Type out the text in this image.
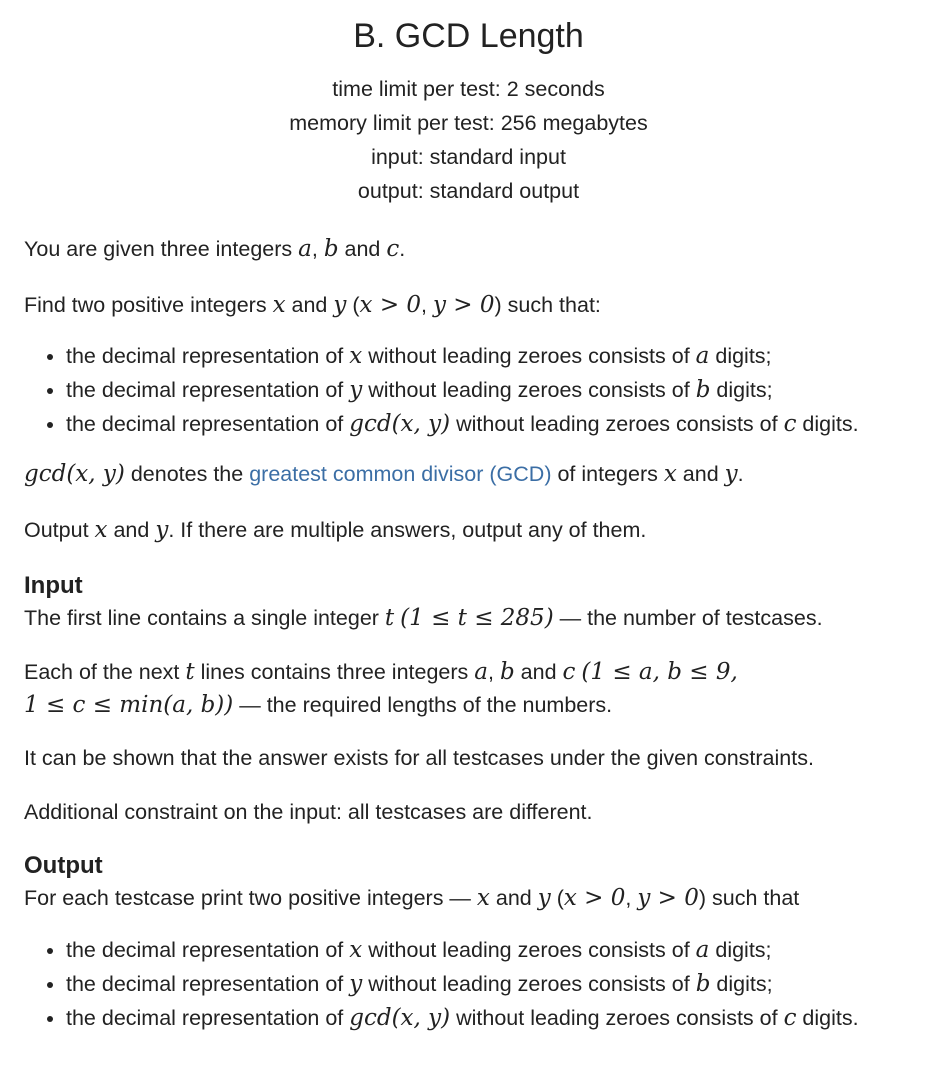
B. GCD Length
time limit per test: 2 seconds
memory limit per test: 256 megabytes
input: standard input
output: standard output

You are given three integers a, b and c.

Find two positive integers x and y (x > 0, y > 0) such that:

• the decimal representation of x without leading zeroes consists of a digits;
• the decimal representation of y without leading zeroes consists of b digits;
• the decimal representation of gcd(x, y) without leading zeroes consists of c digits.

gcd(x, y) denotes the greatest common divisor (GCD) of integers x and y.

Output x and y. If there are multiple answers, output any of them.

Input

The first line contains a single integer t (1 ≤ t ≤ 285) — the number of testcases.

Each of the next t lines contains three integers a, b and c (1 ≤ a, b ≤ 9,
1 ≤ c ≤ min(a, b)) — the required lengths of the numbers.

It can be shown that the answer exists for all testcases under the given constraints.

Additional constraint on the input: all testcases are different.

Output

For each testcase print two positive integers — x and y (x > 0, y > 0) such that

• the decimal representation of x without leading zeroes consists of a digits;
• the decimal representation of y without leading zeroes consists of b digits;
• the decimal representation of gcd(x, y) without leading zeroes consists of c digits.
